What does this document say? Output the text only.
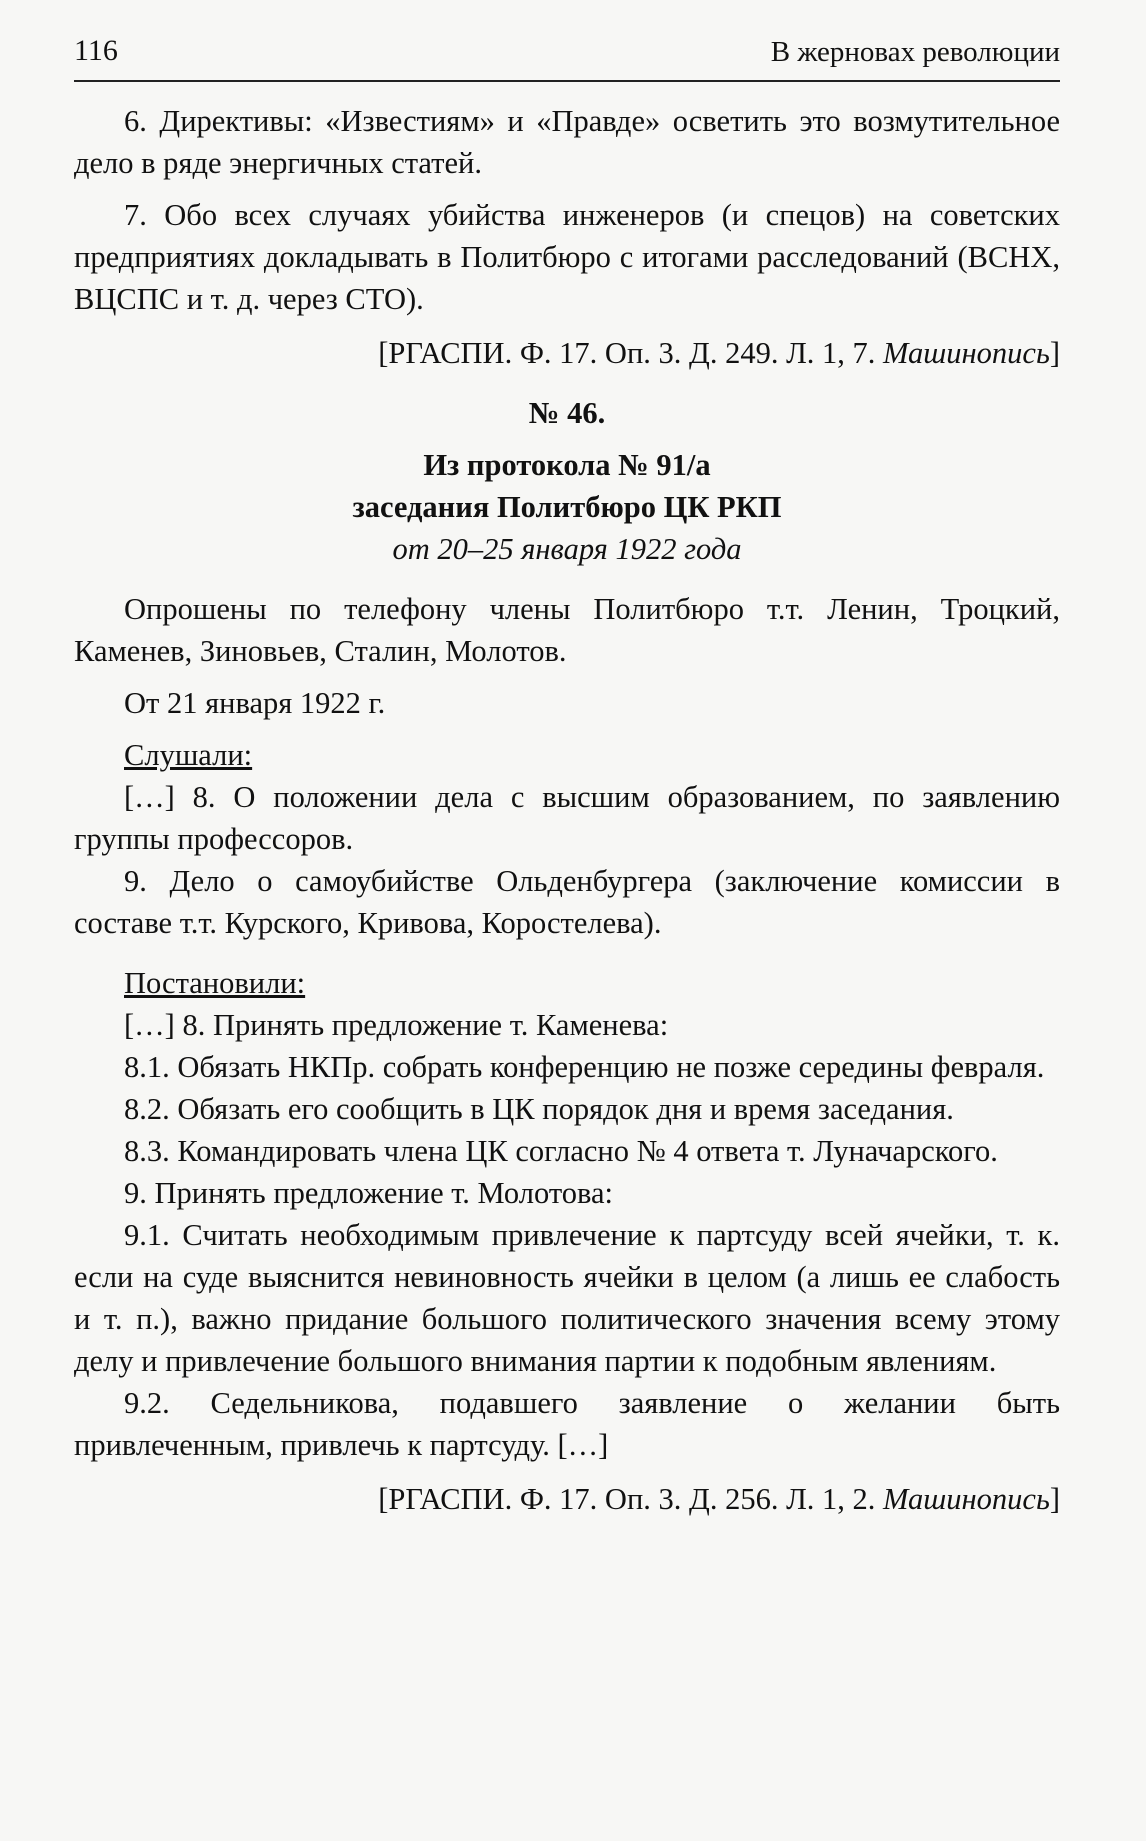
116	В жерновах революции

6. Директивы: «Известиям» и «Правде» осветить это возмутительное дело в ряде энергичных статей.

7. Обо всех случаях убийства инженеров (и спецов) на советских предприятиях докладывать в Политбюро с итогами расследований (ВСНХ, ВЦСПС и т. д. через СТО).

[РГАСПИ. Ф. 17. Оп. 3. Д. 249. Л. 1, 7. Машинопись]

№ 46.

Из протокола № 91/а

заседания Политбюро ЦК РКП

от 20–25 января 1922 года

Опрошены по телефону члены Политбюро т.т. Ленин, Троцкий, Каменев, Зиновьев, Сталин, Молотов.

От 21 января 1922 г.

Слушали:

[…] 8. О положении дела с высшим образованием, по заявлению группы профессоров.

9. Дело о самоубийстве Ольденбургера (заключение комиссии в составе т.т. Курского, Кривова, Коростелева).

Постановили:

[…] 8. Принять предложение т. Каменева:

8.1. Обязать НКПр. собрать конференцию не позже середины февраля.

8.2. Обязать его сообщить в ЦК порядок дня и время заседания.

8.3. Командировать члена ЦК согласно № 4 ответа т. Луначарского.

9. Принять предложение т. Молотова:

9.1. Считать необходимым привлечение к партсуду всей ячейки, т. к. если на суде выяснится невиновность ячейки в целом (а лишь ее слабость и т. п.), важно придание большого политического значения всему этому делу и привлечение большого внимания партии к подобным явлениям.

9.2. Седельникова, подавшего заявление о желании быть привлеченным, привлечь к партсуду. […]

[РГАСПИ. Ф. 17. Оп. 3. Д. 256. Л. 1, 2. Машинопись]
